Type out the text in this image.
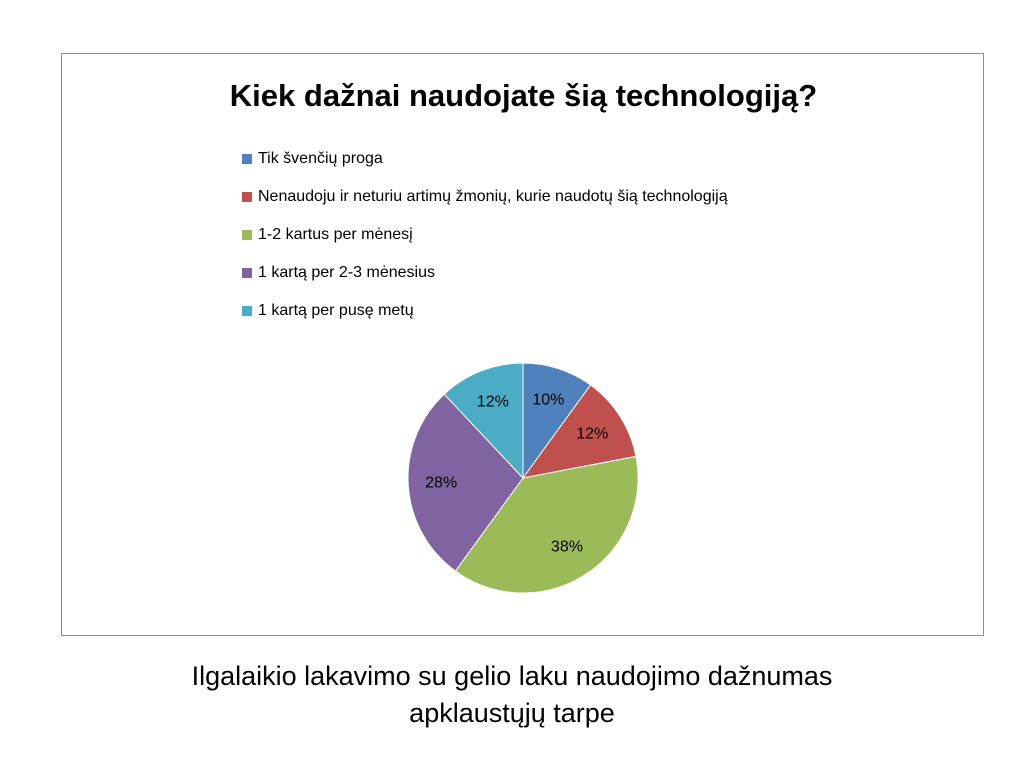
Kiek dažnai naudojate šią technologiją?
Tik švenčių proga
Nenaudoju ir neturiu artimų žmonių, kurie naudotų šią technologiją
1-2 kartus per mėnesį
1 kartą per 2-3 mėnesius
1 kartą per pusę metų
10%
12%
38%
28%
12%
Ilgalaikio lakavimo su gelio laku naudojimo dažnumas
apklaustųjų tarpe
